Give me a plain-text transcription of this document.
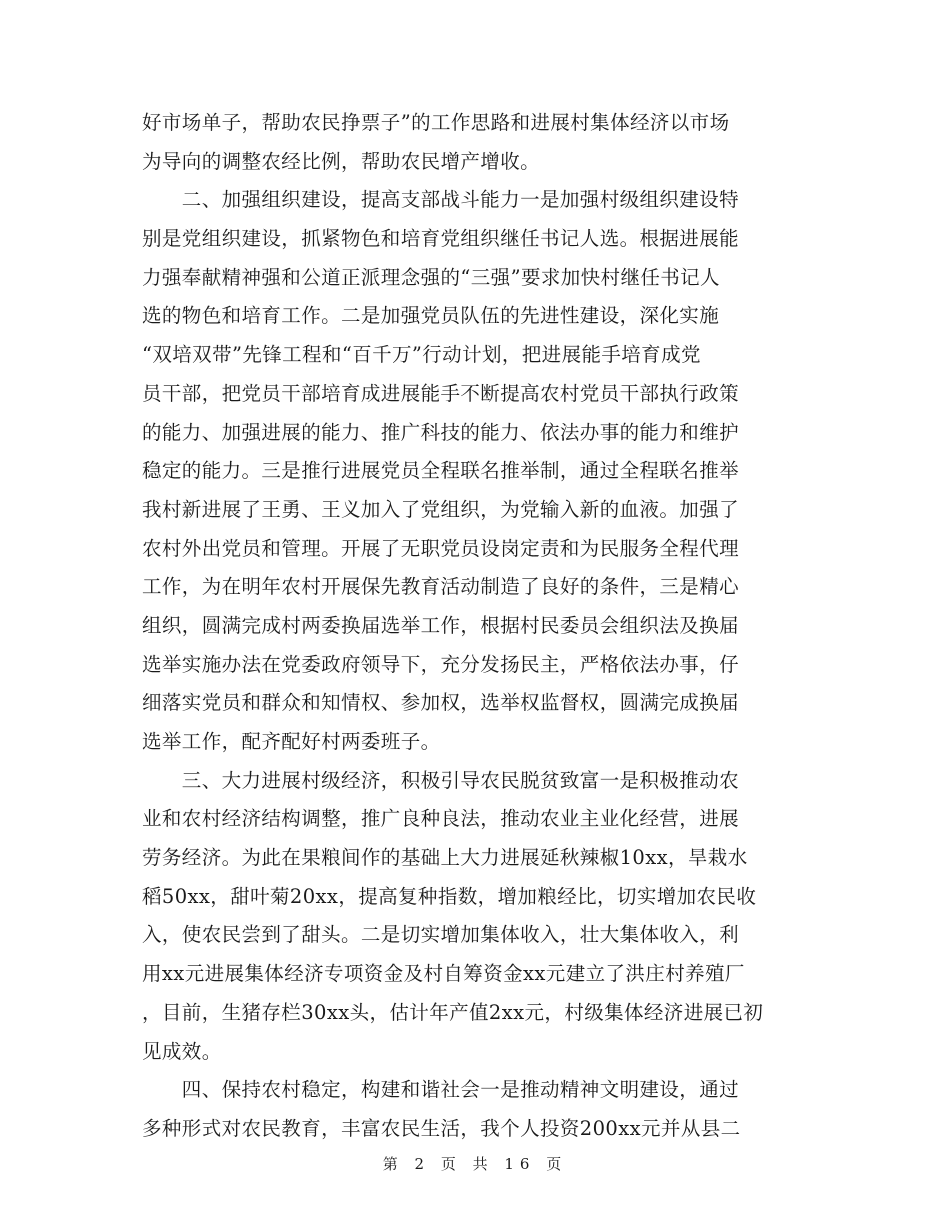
好市场单子，帮助农民挣票子”的工作思路和进展村集体经济以市场
为导向的调整农经比例，帮助农民增产增收。
　　二、加强组织建设，提高支部战斗能力一是加强村级组织建设特
别是党组织建设，抓紧物色和培育党组织继任书记人选。根据进展能
力强奉献精神强和公道正派理念强的“三强”要求加快村继任书记人
选的物色和培育工作。二是加强党员队伍的先进性建设，深化实施
“双培双带”先锋工程和“百千万”行动计划，把进展能手培育成党
员干部，把党员干部培育成进展能手不断提高农村党员干部执行政策
的能力、加强进展的能力、推广科技的能力、依法办事的能力和维护
稳定的能力。三是推行进展党员全程联名推举制，通过全程联名推举
我村新进展了王勇、王义加入了党组织，为党输入新的血液。加强了
农村外出党员和管理。开展了无职党员设岗定责和为民服务全程代理
工作，为在明年农村开展保先教育活动制造了良好的条件，三是精心
组织，圆满完成村两委换届选举工作，根据村民委员会组织法及换届
选举实施办法在党委政府领导下，充分发扬民主，严格依法办事，仔
细落实党员和群众和知情权、参加权，选举权监督权，圆满完成换届
选举工作，配齐配好村两委班子。
　　三、大力进展村级经济，积极引导农民脱贫致富一是积极推动农
业和农村经济结构调整，推广良种良法，推动农业主业化经营，进展
劳务经济。为此在果粮间作的基础上大力进展延秋辣椒10xx，旱栽水
稻50xx，甜叶菊20xx，提高复种指数，增加粮经比，切实增加农民收
入，使农民尝到了甜头。二是切实增加集体收入，壮大集体收入，利
用xx元进展集体经济专项资金及村自筹资金xx元建立了洪庄村养殖厂
，目前，生猪存栏30xx头，估计年产值2xx元，村级集体经济进展已初
见成效。
　　四、保持农村稳定，构建和谐社会一是推动精神文明建设，通过
多种形式对农民教育，丰富农民生活，我个人投资200xx元并从县二
第 2 页 共 16 页
